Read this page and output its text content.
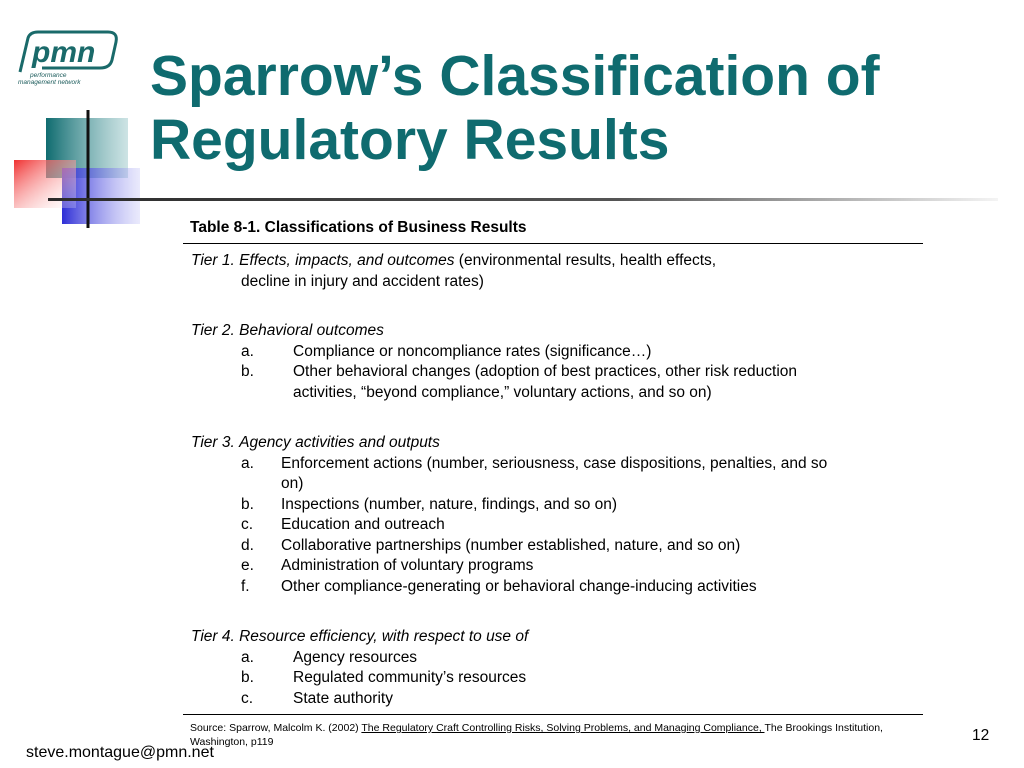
pmn
performance
management network Sparrow’s Classification of Regulatory Results
Table 8-1. Classifications of Business Results
Tier 1. Effects, impacts, and outcomes (environmental results, health effects,
decline in injury and accident rates)
Tier 2. Behavioral outcomes
a.	Compliance or noncompliance rates (significance…)
b.	Other behavioral changes (adoption of best practices, other risk reduction activities, “beyond compliance,” voluntary actions, and so on)
Tier 3. Agency activities and outputs
a.	Enforcement actions (number, seriousness, case dispositions, penalties, and so on)
b.	Inspections (number, nature, findings, and so on)
c.	Education and outreach
d.	Collaborative partnerships (number established, nature, and so on)
e.	Administration of voluntary programs
f.	Other compliance-generating or behavioral change-inducing activities
Tier 4. Resource efficiency, with respect to use of
a.	Agency resources
b.	Regulated community’s resources
c.	State authority
Source: Sparrow, Malcolm K. (2002) The Regulatory Craft Controlling Risks, Solving Problems, and Managing Compliance, The Brookings Institution, Washington, p119	12
steve.montague@pmn.net
